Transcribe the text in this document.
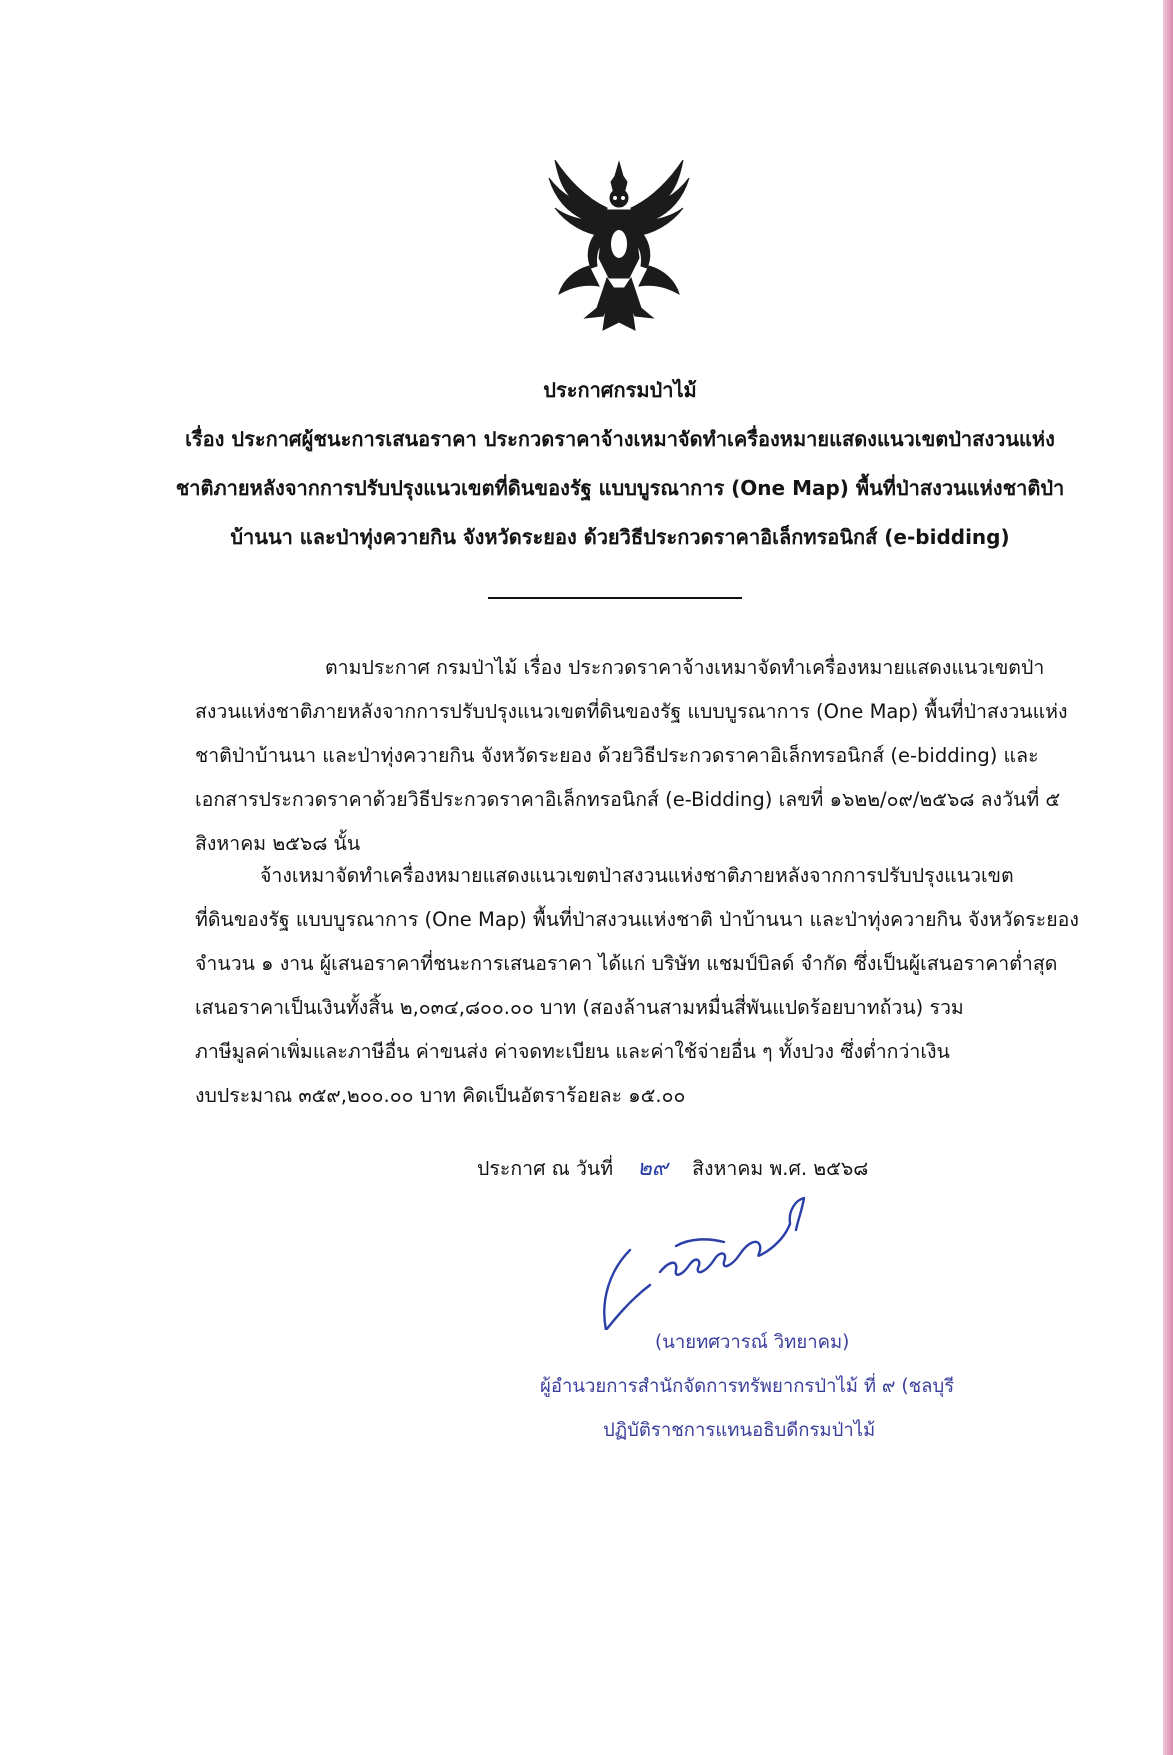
ประกาศกรมป่าไม้
เรื่อง ประกาศผู้ชนะการเสนอราคา ประกวดราคาจ้างเหมาจัดทำเครื่องหมายแสดงแนวเขตป่าสงวนแห่ง
ชาติภายหลังจากการปรับปรุงแนวเขตที่ดินของรัฐ แบบบูรณาการ (One Map) พื้นที่ป่าสงวนแห่งชาติป่า
บ้านนา และป่าทุ่งควายกิน จังหวัดระยอง ด้วยวิธีประกวดราคาอิเล็กทรอนิกส์ (e-bidding)
ตามประกาศ กรมป่าไม้ เรื่อง ประกวดราคาจ้างเหมาจัดทำเครื่องหมายแสดงแนวเขตป่า
สงวนแห่งชาติภายหลังจากการปรับปรุงแนวเขตที่ดินของรัฐ แบบบูรณาการ (One Map) พื้นที่ป่าสงวนแห่ง
ชาติป่าบ้านนา และป่าทุ่งควายกิน จังหวัดระยอง ด้วยวิธีประกวดราคาอิเล็กทรอนิกส์ (e-bidding) และ
เอกสารประกวดราคาด้วยวิธีประกวดราคาอิเล็กทรอนิกส์ (e-Bidding) เลขที่ ๑๖๒๒/๐๙/๒๕๖๘ ลงวันที่ ๕
สิงหาคม ๒๕๖๘ นั้น
จ้างเหมาจัดทำเครื่องหมายแสดงแนวเขตป่าสงวนแห่งชาติภายหลังจากการปรับปรุงแนวเขต
ที่ดินของรัฐ แบบบูรณาการ (One Map) พื้นที่ป่าสงวนแห่งชาติ ป่าบ้านนา และป่าทุ่งควายกิน จังหวัดระยอง
จำนวน ๑ งาน ผู้เสนอราคาที่ชนะการเสนอราคา ได้แก่ บริษัท แชมป์บิลด์ จำกัด ซึ่งเป็นผู้เสนอราคาต่ำสุด
เสนอราคาเป็นเงินทั้งสิ้น ๒,๐๓๔,๘๐๐.๐๐ บาท (สองล้านสามหมื่นสี่พันแปดร้อยบาทถ้วน) รวม
ภาษีมูลค่าเพิ่มและภาษีอื่น ค่าขนส่ง ค่าจดทะเบียน และค่าใช้จ่ายอื่น ๆ ทั้งปวง ซึ่งต่ำกว่าเงิน
งบประมาณ ๓๕๙,๒๐๐.๐๐ บาท คิดเป็นอัตราร้อยละ ๑๕.๐๐
ประกาศ ณ วันที่ ๒๙ สิงหาคม พ.ศ. ๒๕๖๘
(นายทศวารณ์ วิทยาคม)
ผู้อำนวยการสำนักจัดการทรัพยากรป่าไม้ ที่ ๙ (ชลบุรี
ปฏิบัติราชการแทนอธิบดีกรมป่าไม้
